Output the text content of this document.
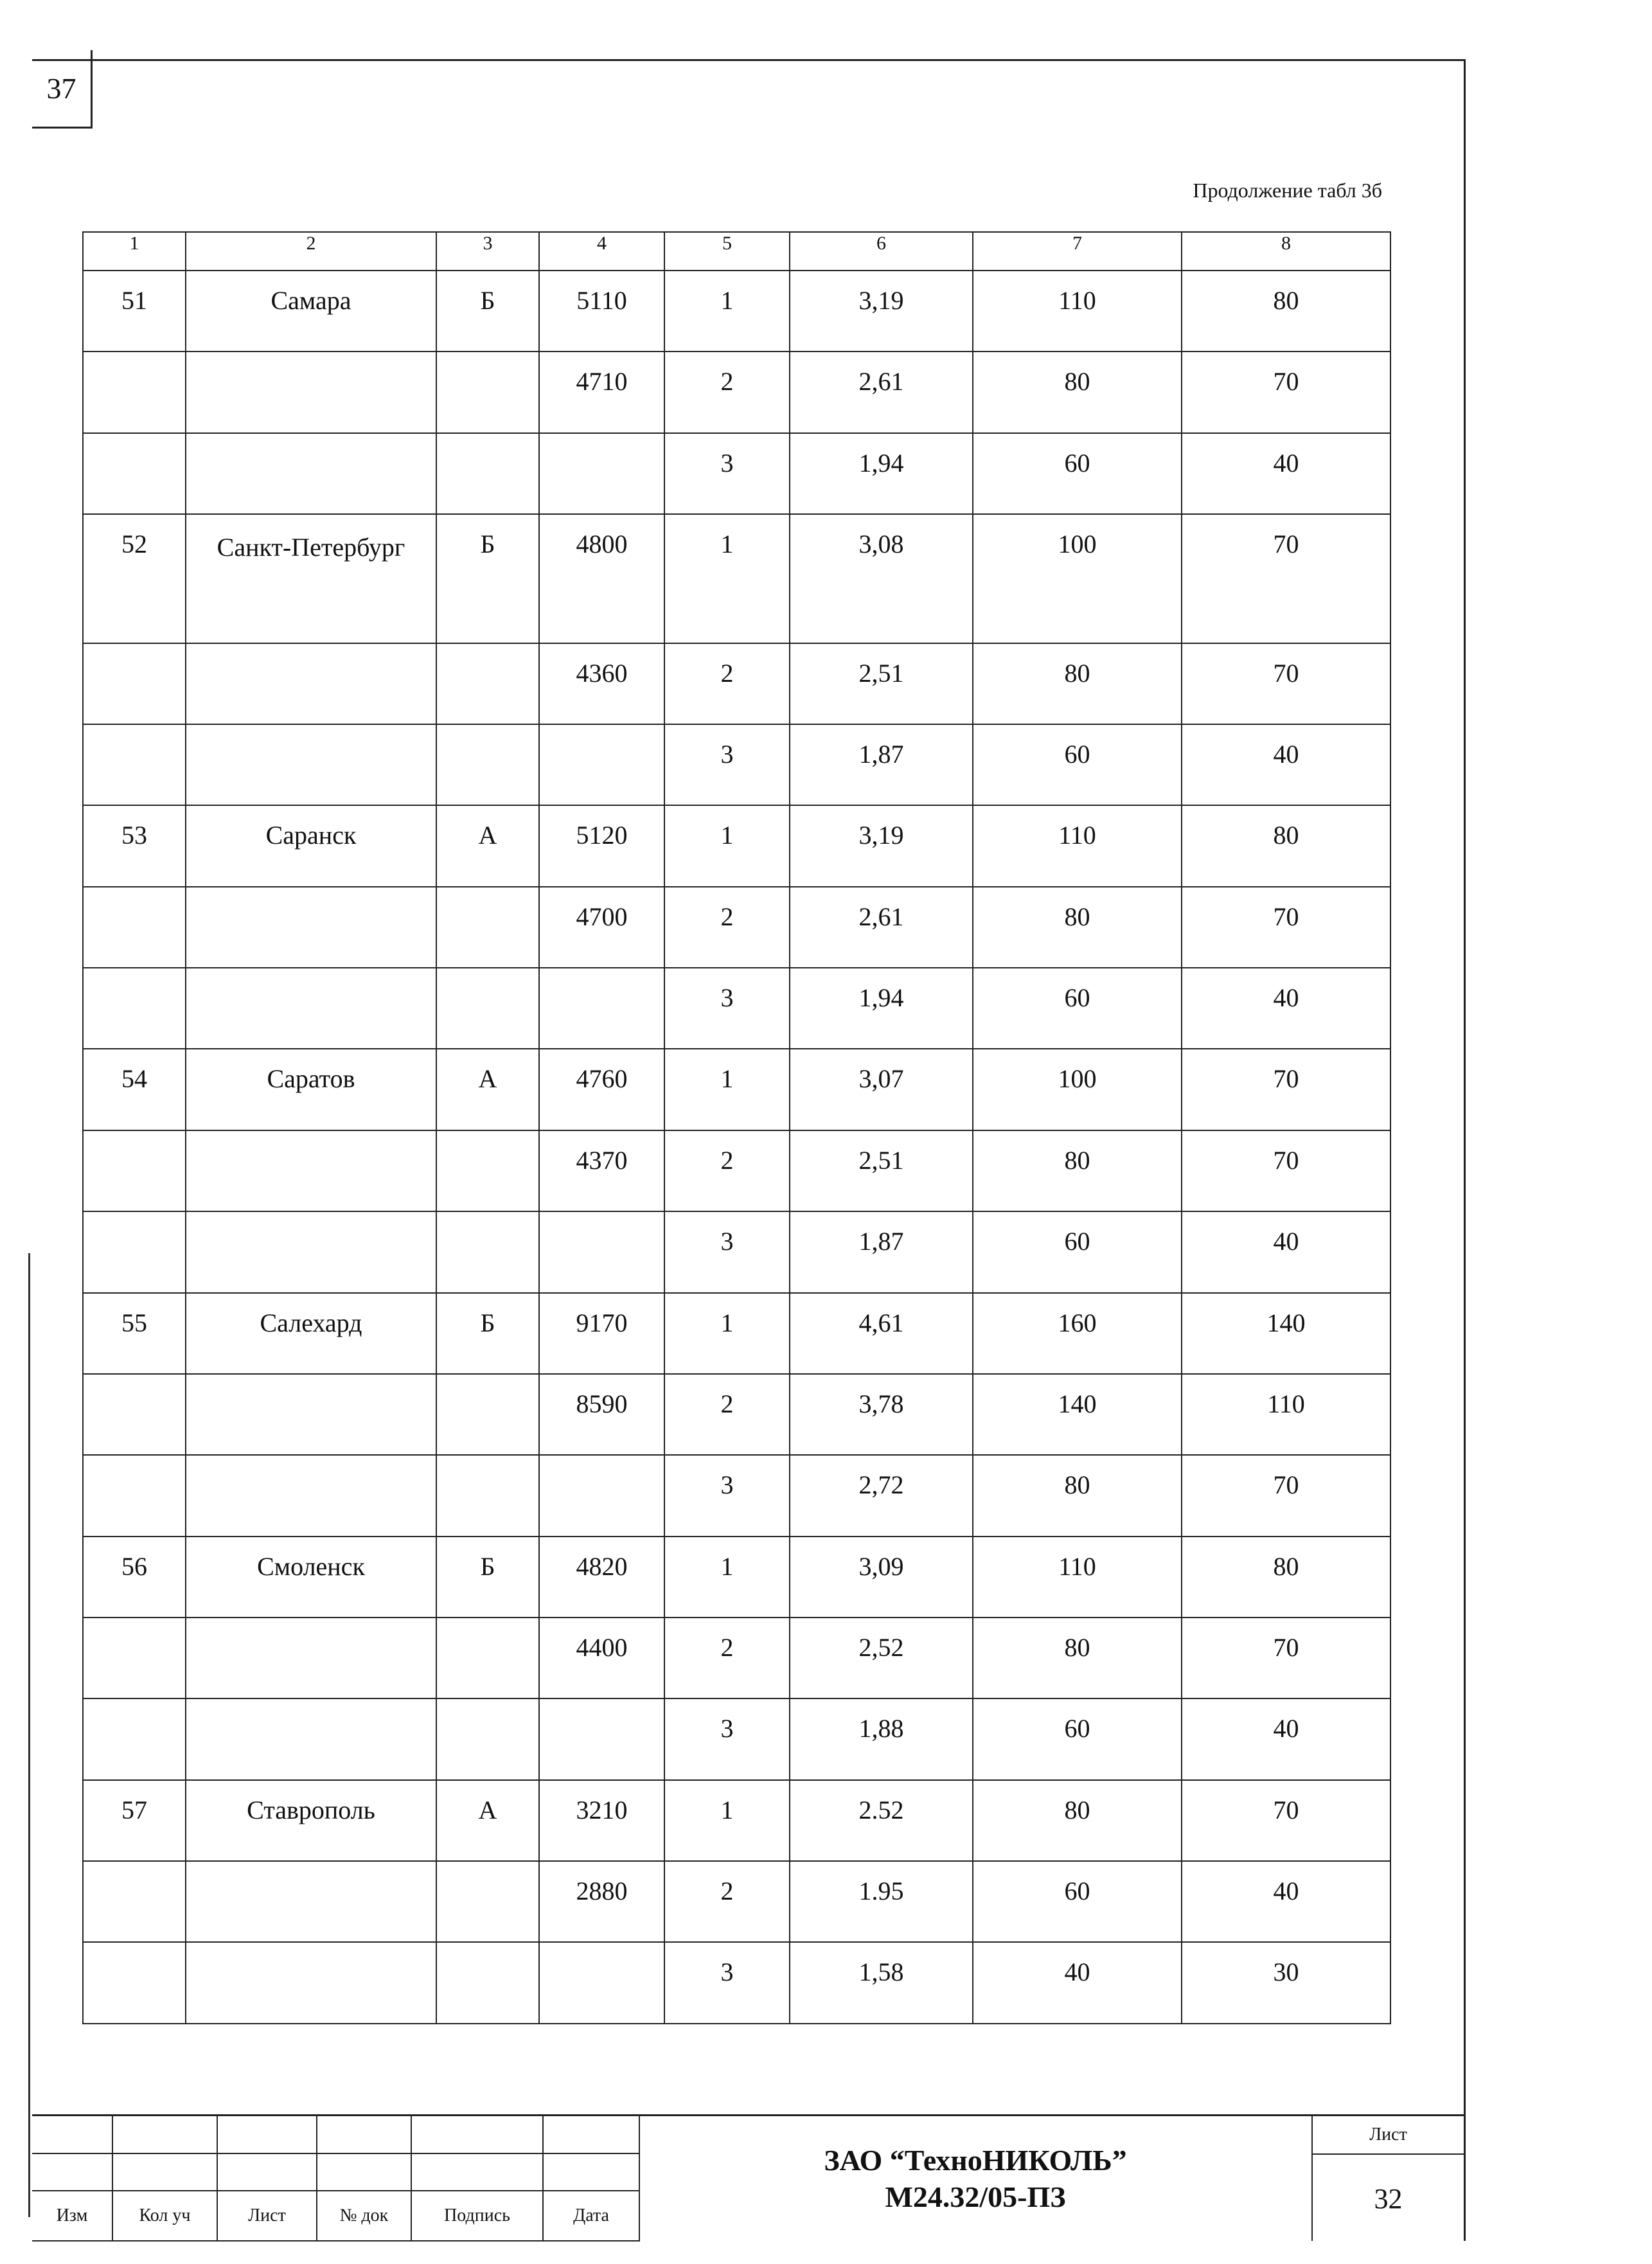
37
Продолжение табл 3б
1	2	3	4	5	6	7	8
51	Самара	Б	5110	1	3,19	110	80
			4710	2	2,61	80	70
				3	1,94	60	40
52	Санкт-Петербург	Б	4800	1	3,08	100	70
			4360	2	2,51	80	70
				3	1,87	60	40
53	Саранск	А	5120	1	3,19	110	80
			4700	2	2,61	80	70
				3	1,94	60	40
54	Саратов	А	4760	1	3,07	100	70
			4370	2	2,51	80	70
				3	1,87	60	40
55	Салехард	Б	9170	1	4,61	160	140
			8590	2	3,78	140	110
				3	2,72	80	70
56	Смоленск	Б	4820	1	3,09	110	80
			4400	2	2,52	80	70
				3	1,88	60	40
57	Ставрополь	А	3210	1	2.52	80	70
			2880	2	1.95	60	40
				3	1,58	40	30

Изм	Кол уч	Лист	№ док	Подпись	Дата
ЗАО “ТехноНИКОЛЬ”
М24.32/05-ПЗ
Лист
32
